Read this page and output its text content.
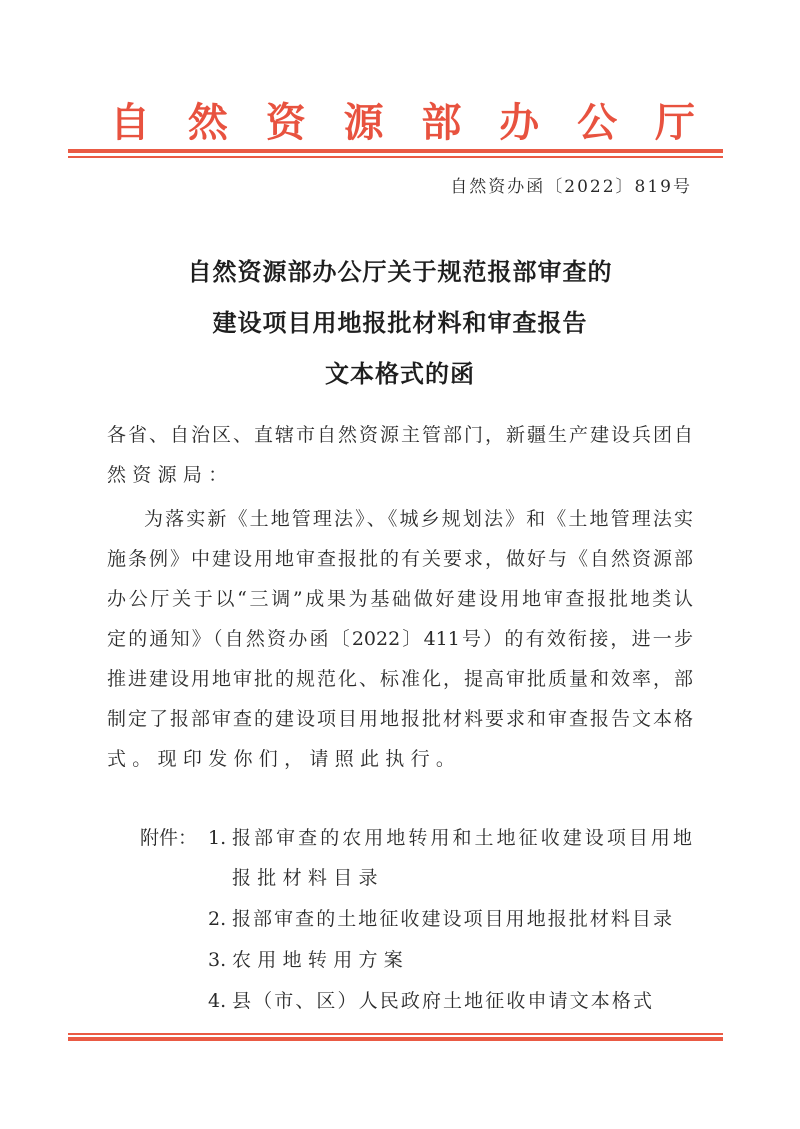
自然资源部办公厅
自然资办函〔2022〕819号
自然资源部办公厅关于规范报部审查的
建设项目用地报批材料和审查报告
文本格式的函
各省、自治区、直辖市自然资源主管部门，新疆生产建设兵团自
然资源局：
为落实新《土地管理法》、《城乡规划法》和《土地管理法实
施条例》中建设用地审查报批的有关要求，做好与《自然资源部
办公厅关于以“三调”成果为基础做好建设用地审查报批地类认
定的通知》（自然资办函〔2022〕411号）的有效衔接，进一步
推进建设用地审批的规范化、标准化，提高审批质量和效率，部
制定了报部审查的建设项目用地报批材料要求和审查报告文本格
式。现印发你们，请照此执行。
附件： 1. 报部审查的农用地转用和土地征收建设项目用地
报批材料目录
2. 报部审查的土地征收建设项目用地报批材料目录
3. 农用地转用方案
4. 县（市、区）人民政府土地征收申请文本格式
